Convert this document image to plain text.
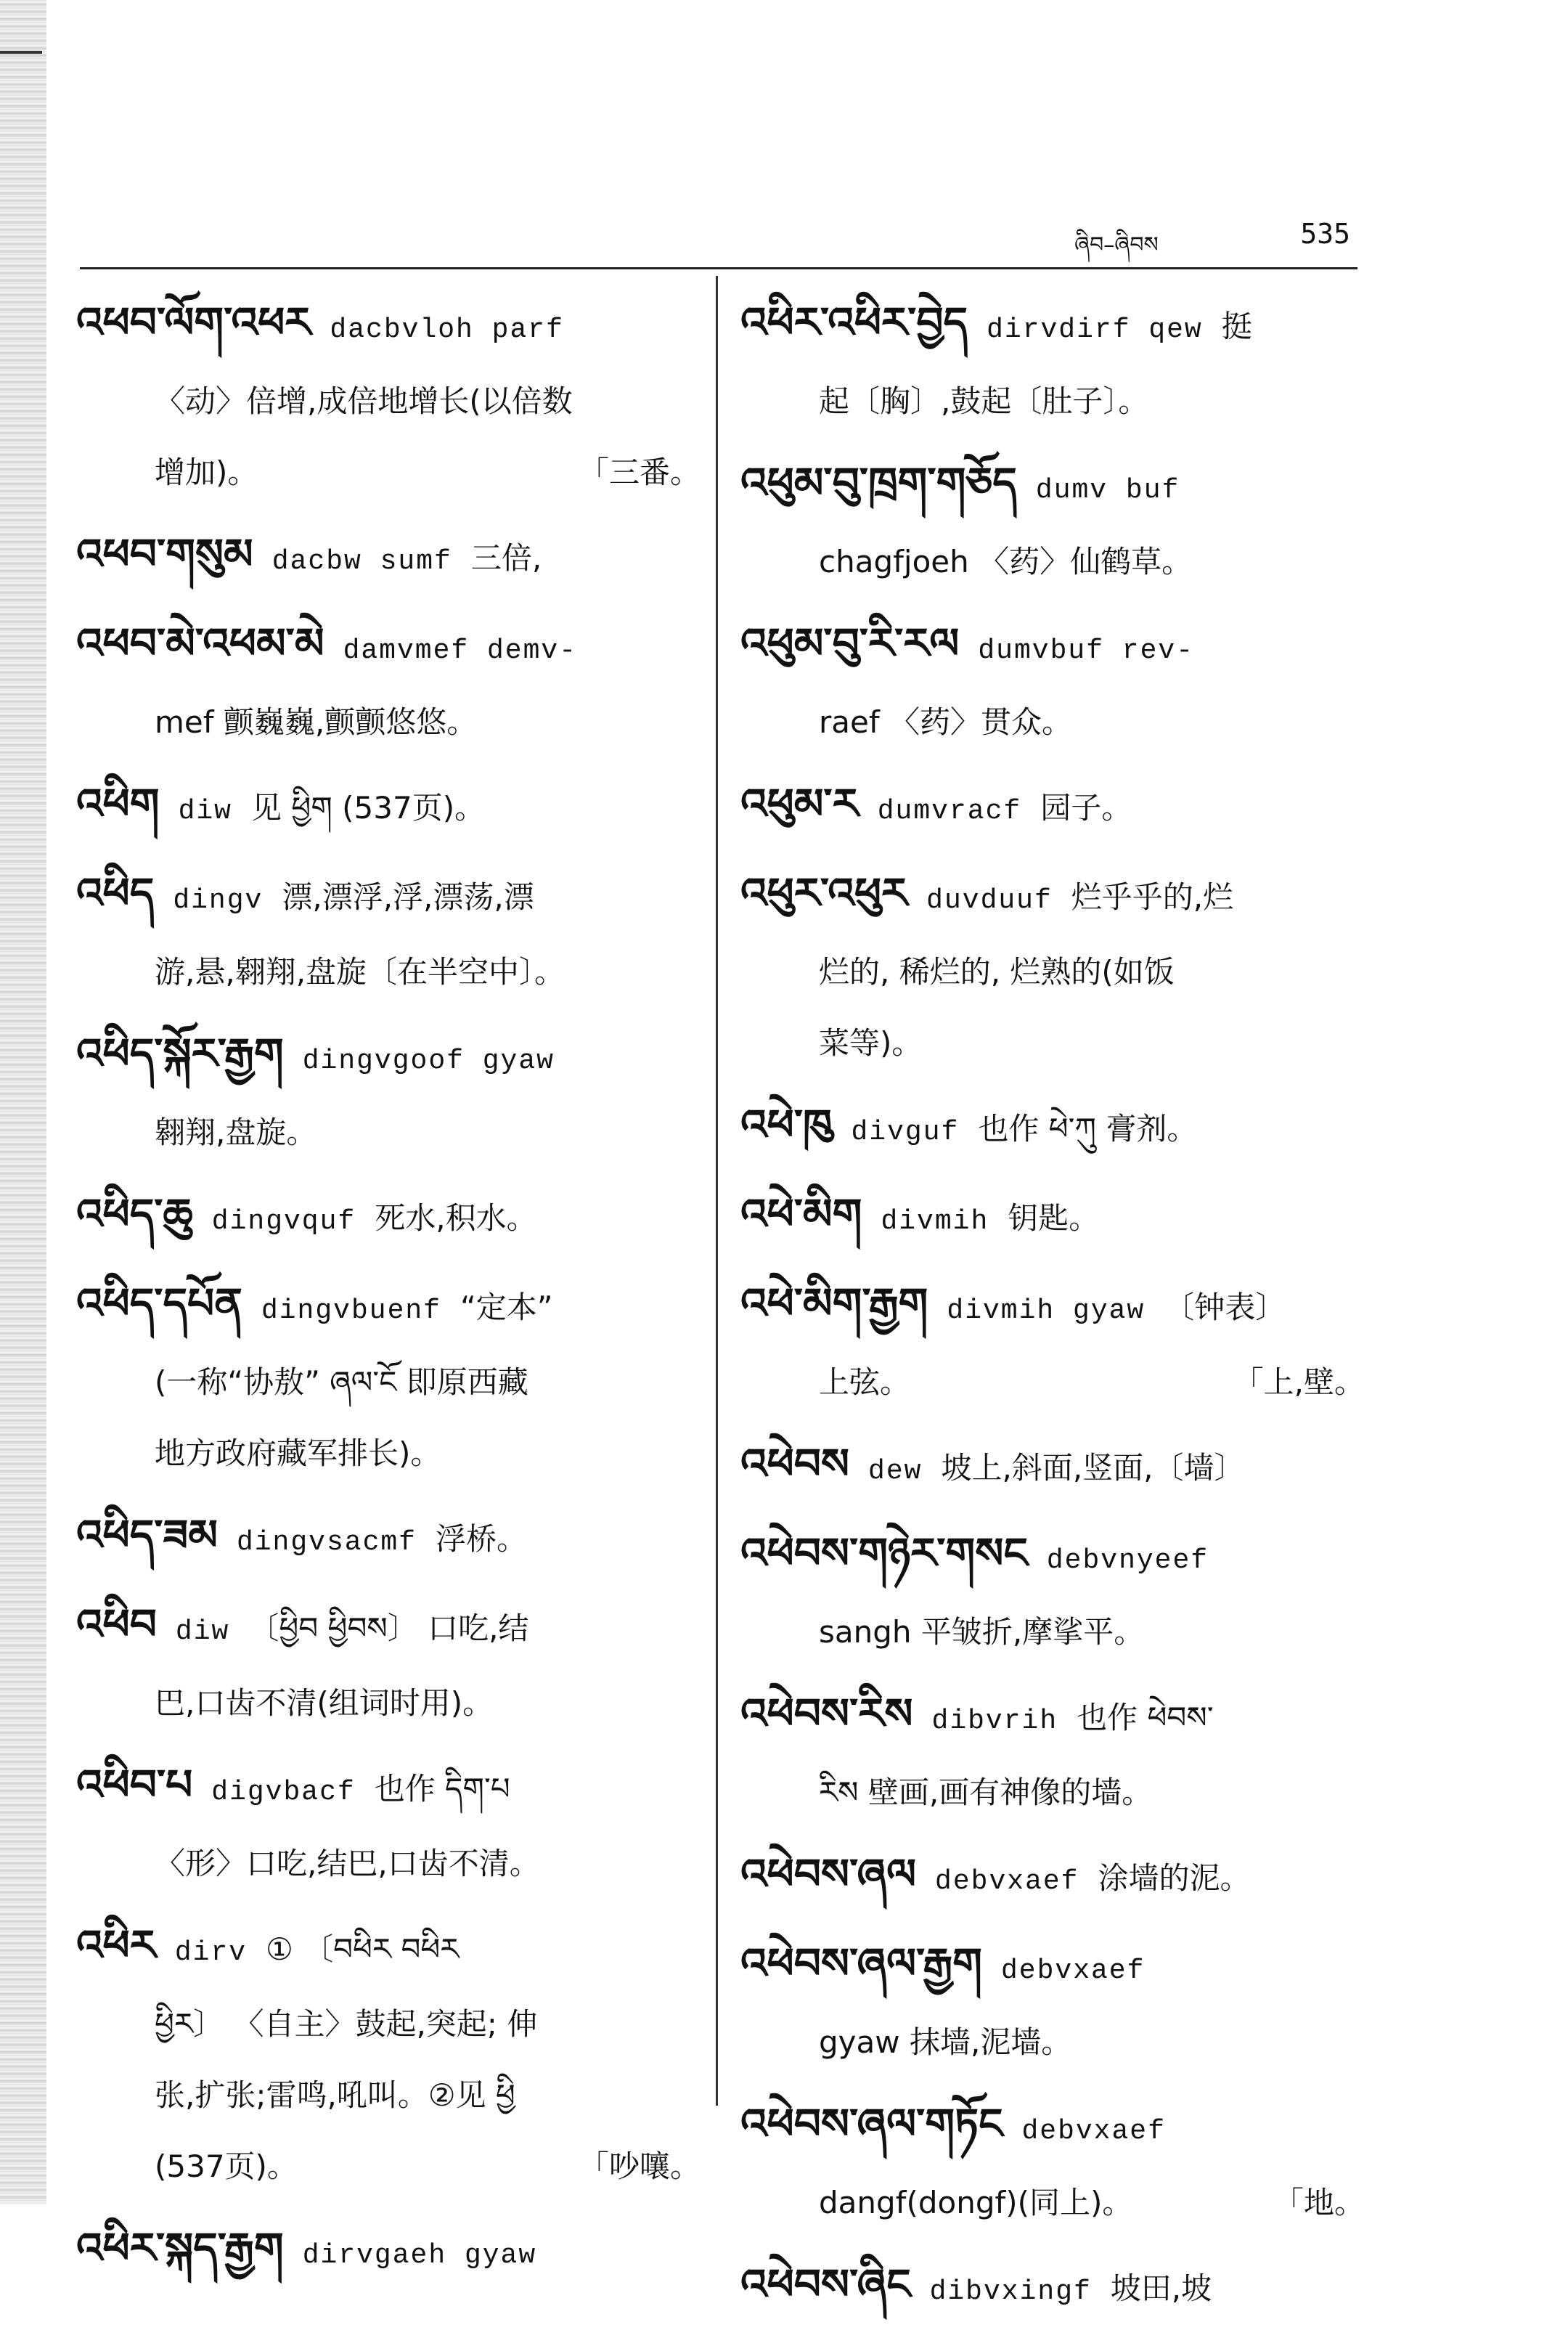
ཞིབ–ཞིབས	535
འཕབ་ལོག་འཕར dacbvloh parf
〈动〉倍增,成倍地增长(以倍数
增加)。	「三番。
འཕབ་གསུམ dacbw sumf 三倍,
འཕབ་མེ་འཕམ་མེ damvmef demv-
mef 颤巍巍,颤颤悠悠。
འཕིག diw 见 ཕྱིག (537页)。
འཕིད dingv 漂,漂浮,浮,漂荡,漂
游,悬,翱翔,盘旋〔在半空中〕。
འཕིད་སྐོར་རྒྱག dingvgoof gyaw
翱翔,盘旋。
འཕིད་ཆུ dingvquf 死水,积水。
འཕིད་དཔོན dingvbuenf “定本”
(一称“协敖” ཞལ་ངོ 即原西藏
地方政府藏军排长)。
འཕིད་ཟམ dingvsacmf 浮桥。
འཕིབ diw 〔ཕྱིབ ཕྱིབས〕 口吃,结
巴,口齿不清(组词时用)。
འཕིབ་པ digvbacf 也作 དིག་པ
〈形〉口吃,结巴,口齿不清。
འཕིར dirv ① 〔བཕིར བཕིར
ཕྱིར〕 〈自主〉鼓起,突起; 伸
张,扩张;雷鸣,吼叫。②见 ཕྱི
(537页)。	「吵嚷。
འཕིར་སྐད་རྒྱག dirvgaeh gyaw
འཕིར་འཕིར་བྱེད dirvdirf qew 挺
起〔胸〕,鼓起〔肚子〕。
འཕུམ་བུ་ཁྲག་གཅོད dumv buf
chagfjoeh 〈药〉仙鹤草。
འཕུམ་བུ་རི་རལ dumvbuf rev-
raef 〈药〉贯众。
འཕུམ་ར dumvracf 园子。
འཕུར་འཕུར duvduuf 烂乎乎的,烂
烂的, 稀烂的, 烂熟的(如饭
菜等)。
འཕེ་ཁུ divguf 也作 ཕེ་ཀུ 膏剂。
འཕེ་མིག divmih 钥匙。
འཕེ་མིག་རྒྱག divmih gyaw 〔钟表〕
上弦。	「上,壁。
འཕེབས dew 坡上,斜面,竖面,〔墙〕
འཕེབས་གཉེར་གསང debvnyeef
sangh 平皱折,摩挲平。
འཕེབས་རིས dibvrih 也作 ཕེབས་
རིས 壁画,画有神像的墙。
འཕེབས་ཞལ debvxaef 涂墙的泥。
འཕེབས་ཞལ་རྒྱག debvxaef
gyaw 抹墙,泥墙。
འཕེབས་ཞལ་གཏོང debvxaef
dangf(dongf)(同上)。	「地。
འཕེབས་ཞིང dibvxingf 坡田,坡
